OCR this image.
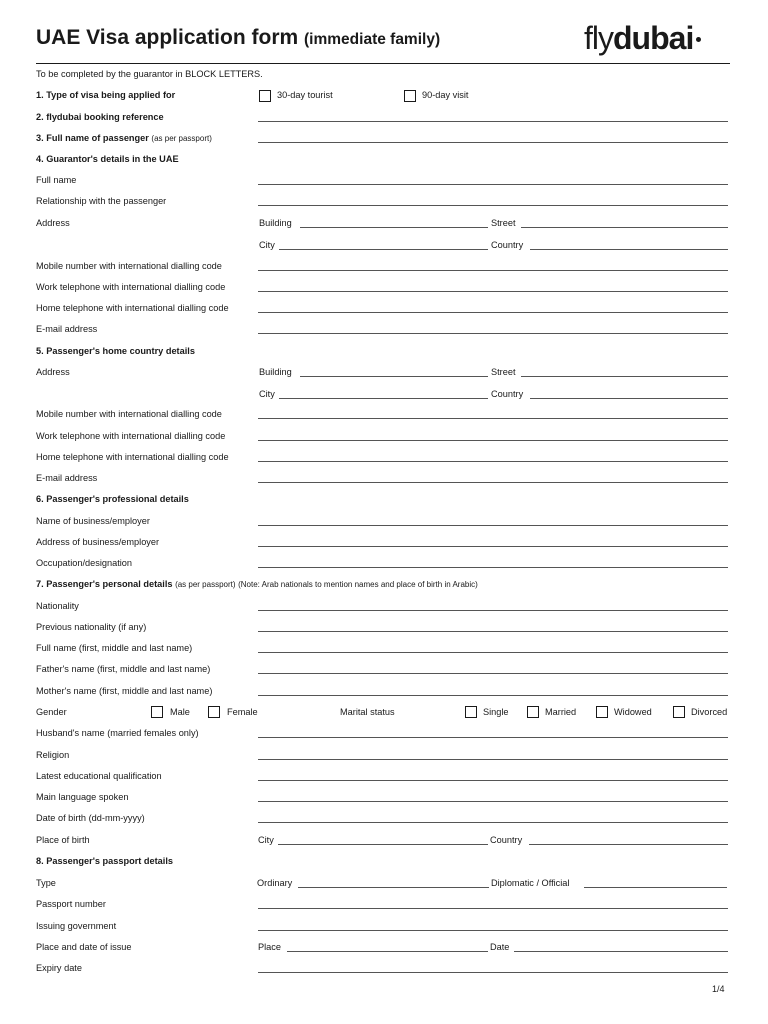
UAE Visa application form (immediate family)	flydubai
To be completed by the guarantor in BLOCK LETTERS.
1. Type of visa being applied for	30-day tourist	90-day visit
2. flydubai booking reference
3. Full name of passenger (as per passport)
4. Guarantor's details in the UAE
Full name
Relationship with the passenger
Address	Building	Street
City	Country
Mobile number with international dialling code
Work telephone with international dialling code
Home telephone with international dialling code
E-mail address
5. Passenger's home country details
Address	Building	Street
City	Country
Mobile number with international dialling code
Work telephone with international dialling code
Home telephone with international dialling code
E-mail address
6. Passenger's professional details
Name of business/employer
Address of business/employer
Occupation/designation
7. Passenger's personal details (as per passport) (Note: Arab nationals to mention names and place of birth in Arabic)
Nationality
Previous nationality (if any)
Full name (first, middle and last name)
Father's name (first, middle and last name)
Mother's name (first, middle and last name)
Gender	Male	Female	Marital status	Single	Married	Widowed	Divorced
Husband's name (married females only)
Religion
Latest educational qualification
Main language spoken
Date of birth (dd-mm-yyyy)
Place of birth	City	Country
8. Passenger's passport details
Type	Ordinary	Diplomatic / Official
Passport number
Issuing government
Place and date of issue	Place	Date
Expiry date
1/4
